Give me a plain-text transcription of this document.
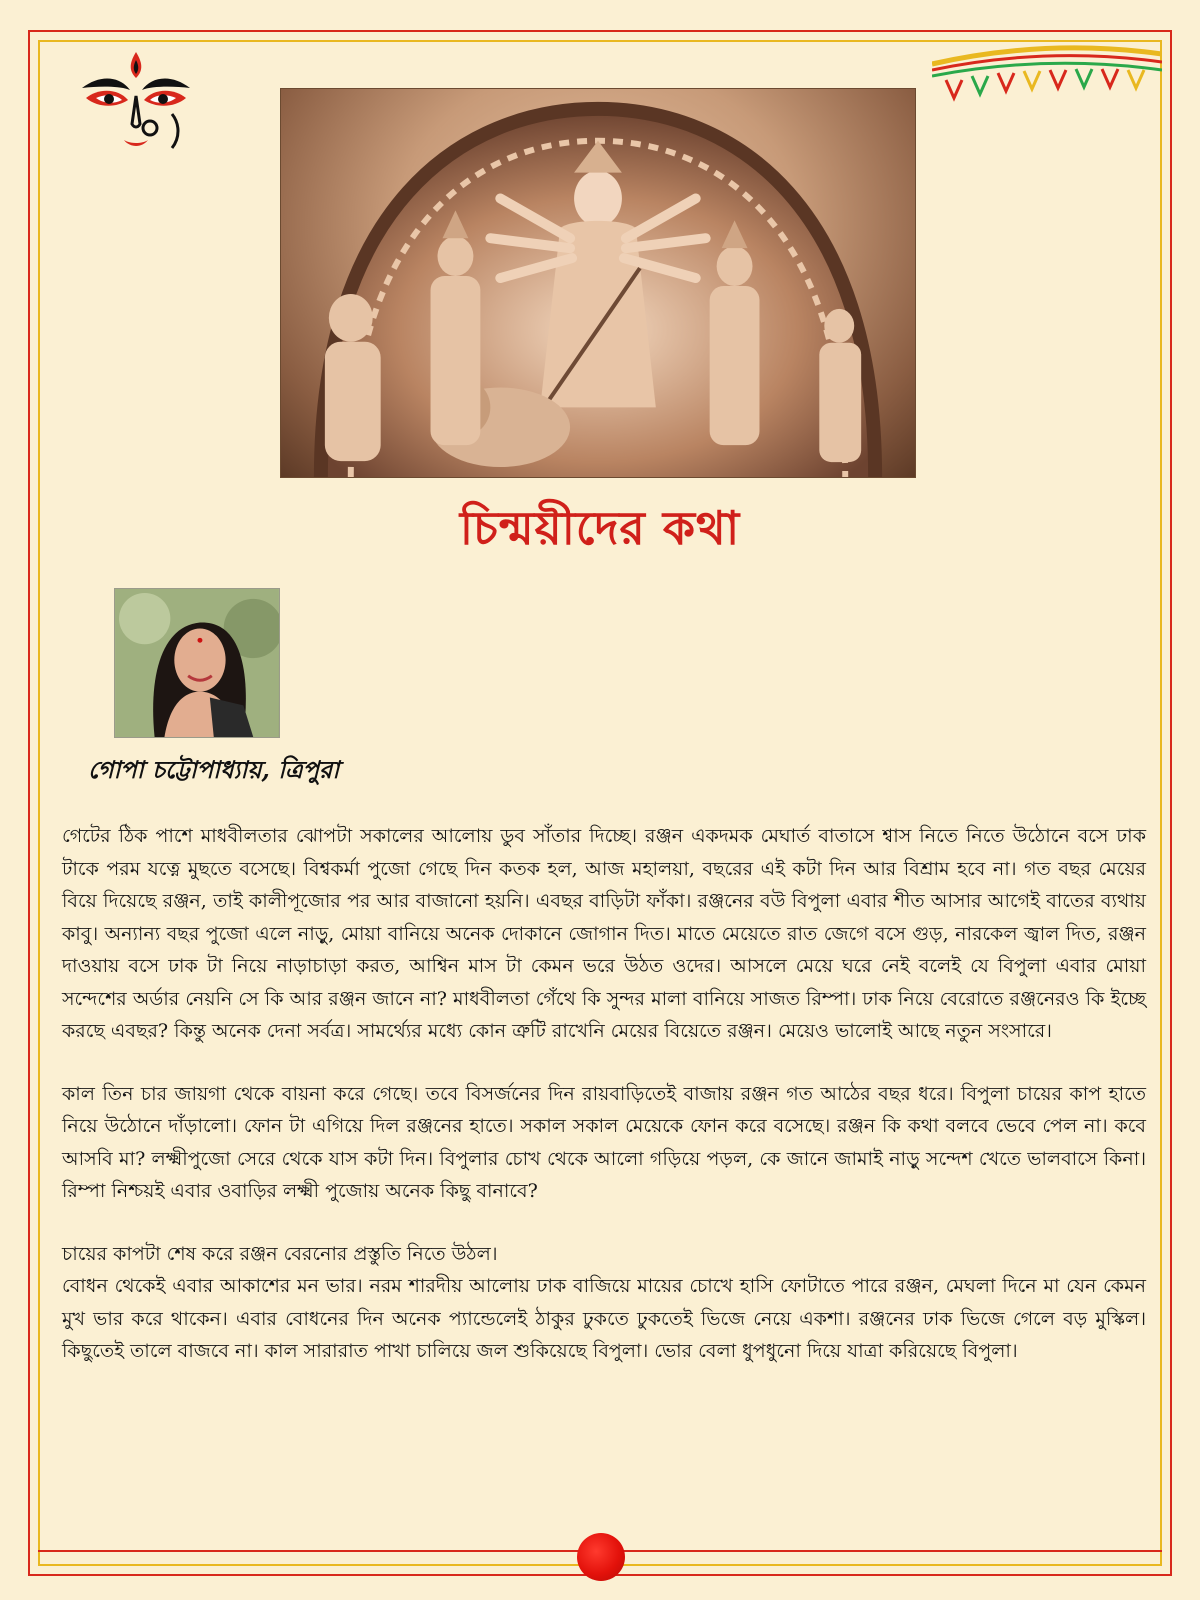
চিন্ময়ীদের কথা
গোপা চট্টোপাধ্যায়, ত্রিপুরা

গেটের ঠিক পাশে মাধবীলতার ঝোপটা সকালের আলোয় ডুব সাঁতার দিচ্ছে। রঞ্জন একদমক মেঘার্ত বাতাসে শ্বাস নিতে নিতে উঠোনে বসে ঢাক টাকে পরম যত্নে মুছতে বসেছে। বিশ্বকর্মা পুজো গেছে দিন কতক হল, আজ মহালয়া, বছরের এই কটা দিন আর বিশ্রাম হবে না। গত বছর মেয়ের বিয়ে দিয়েছে রঞ্জন, তাই কালীপূজোর পর আর বাজানো হয়নি। এবছর বাড়িটা ফাঁকা। রঞ্জনের বউ বিপুলা এবার শীত আসার আগেই বাতের ব্যথায় কাবু। অন্যান্য বছর পুজো এলে নাড়ু, মোয়া বানিয়ে অনেক দোকানে জোগান দিত। মাতে মেয়েতে রাত জেগে বসে গুড়, নারকেল জ্বাল দিত, রঞ্জন দাওয়ায় বসে ঢাক টা নিয়ে নাড়াচাড়া করত, আশ্বিন মাস টা কেমন ভরে উঠত ওদের। আসলে মেয়ে ঘরে নেই বলেই যে বিপুলা এবার মোয়া সন্দেশের অর্ডার নেয়নি সে কি আর রঞ্জন জানে না? মাধবীলতা গেঁথে কি সুন্দর মালা বানিয়ে সাজত রিম্পা। ঢাক নিয়ে বেরোতে রঞ্জনেরও কি ইচ্ছে করছে এবছর? কিন্তু অনেক দেনা সর্বত্র। সামর্থ্যের মধ্যে কোন ত্রুটি রাখেনি মেয়ের বিয়েতে রঞ্জন। মেয়েও ভালোই আছে নতুন সংসারে।

কাল তিন চার জায়গা থেকে বায়না করে গেছে। তবে বিসর্জনের দিন রায়বাড়িতেই বাজায় রঞ্জন গত আঠের বছর ধরে। বিপুলা চায়ের কাপ হাতে নিয়ে উঠোনে দাঁড়ালো। ফোন টা এগিয়ে দিল রঞ্জনের হাতে। সকাল সকাল মেয়েকে ফোন করে বসেছে। রঞ্জন কি কথা বলবে ভেবে পেল না। কবে আসবি মা? লক্ষ্মীপুজো সেরে থেকে যাস কটা দিন। বিপুলার চোখ থেকে আলো গড়িয়ে পড়ল, কে জানে জামাই নাড়ু সন্দেশ খেতে ভালবাসে কিনা। রিম্পা নিশ্চয়ই এবার ওবাড়ির লক্ষ্মী পুজোয় অনেক কিছু বানাবে?

চায়ের কাপটা শেষ করে রঞ্জন বেরনোর প্রস্তুতি নিতে উঠল।

বোধন থেকেই এবার আকাশের মন ভার। নরম শারদীয় আলোয় ঢাক বাজিয়ে মায়ের চোখে হাসি ফোটাতে পারে রঞ্জন, মেঘলা দিনে মা যেন কেমন মুখ ভার করে থাকেন। এবার বোধনের দিন অনেক প্যান্ডেলেই ঠাকুর ঢুকতে ঢুকতেই ভিজে নেয়ে একশা। রঞ্জনের ঢাক ভিজে গেলে বড় মুস্কিল। কিছুতেই তালে বাজবে না। কাল সারারাত পাখা চালিয়ে জল শুকিয়েছে বিপুলা। ভোর বেলা ধুপধুনো দিয়ে যাত্রা করিয়েছে বিপুলা।
